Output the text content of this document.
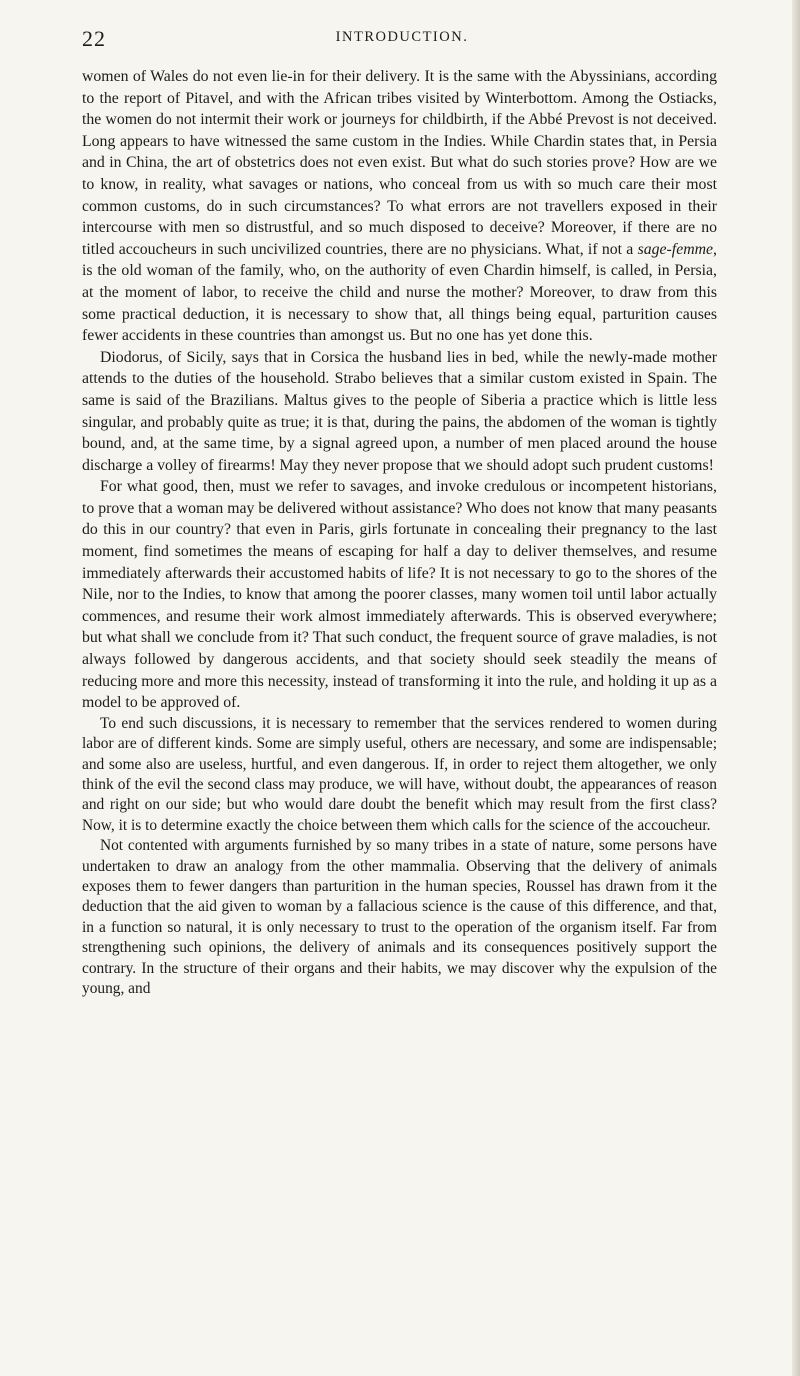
22	INTRODUCTION.

women of Wales do not even lie-in for their delivery. It is the same with the Abyssinians, according to the report of Pitavel, and with the African tribes visited by Winterbottom. Among the Ostiacks, the women do not intermit their work or journeys for childbirth, if the Abbé Prevost is not deceived. Long appears to have witnessed the same custom in the Indies. While Chardin states that, in Persia and in China, the art of obstetrics does not even exist. But what do such stories prove? How are we to know, in reality, what savages or nations, who conceal from us with so much care their most common customs, do in such circumstances? To what errors are not travellers exposed in their intercourse with men so distrustful, and so much disposed to deceive? Moreover, if there are no titled accoucheurs in such uncivilized countries, there are no physicians. What, if not a sage-femme, is the old woman of the family, who, on the authority of even Chardin himself, is called, in Persia, at the moment of labor, to receive the child and nurse the mother? Moreover, to draw from this some practical deduction, it is necessary to show that, all things being equal, parturition causes fewer accidents in these countries than amongst us. But no one has yet done this.

Diodorus, of Sicily, says that in Corsica the husband lies in bed, while the newly-made mother attends to the duties of the household. Strabo believes that a similar custom existed in Spain. The same is said of the Brazilians. Maltus gives to the people of Siberia a practice which is little less singular, and probably quite as true; it is that, during the pains, the abdomen of the woman is tightly bound, and, at the same time, by a signal agreed upon, a number of men placed around the house discharge a volley of firearms! May they never propose that we should adopt such prudent customs!

For what good, then, must we refer to savages, and invoke credulous or incompetent historians, to prove that a woman may be delivered without assistance? Who does not know that many peasants do this in our country? that even in Paris, girls fortunate in concealing their pregnancy to the last moment, find sometimes the means of escaping for half a day to deliver themselves, and resume immediately afterwards their accustomed habits of life? It is not necessary to go to the shores of the Nile, nor to the Indies, to know that among the poorer classes, many women toil until labor actually commences, and resume their work almost immediately afterwards. This is observed everywhere; but what shall we conclude from it? That such conduct, the frequent source of grave maladies, is not always followed by dangerous accidents, and that society should seek steadily the means of reducing more and more this necessity, instead of transforming it into the rule, and holding it up as a model to be approved of.

To end such discussions, it is necessary to remember that the services rendered to women during labor are of different kinds. Some are simply useful, others are necessary, and some are indispensable; and some also are useless, hurtful, and even dangerous. If, in order to reject them altogether, we only think of the evil the second class may produce, we will have, without doubt, the appearances of reason and right on our side; but who would dare doubt the benefit which may result from the first class? Now, it is to determine exactly the choice between them which calls for the science of the accoucheur.

Not contented with arguments furnished by so many tribes in a state of nature, some persons have undertaken to draw an analogy from the other mammalia. Observing that the delivery of animals exposes them to fewer dangers than parturition in the human species, Roussel has drawn from it the deduction that the aid given to woman by a fallacious science is the cause of this difference, and that, in a function so natural, it is only necessary to trust to the operation of the organism itself. Far from strengthening such opinions, the delivery of animals and its consequences positively support the contrary. In the structure of their organs and their habits, we may discover why the expulsion of the young, and
